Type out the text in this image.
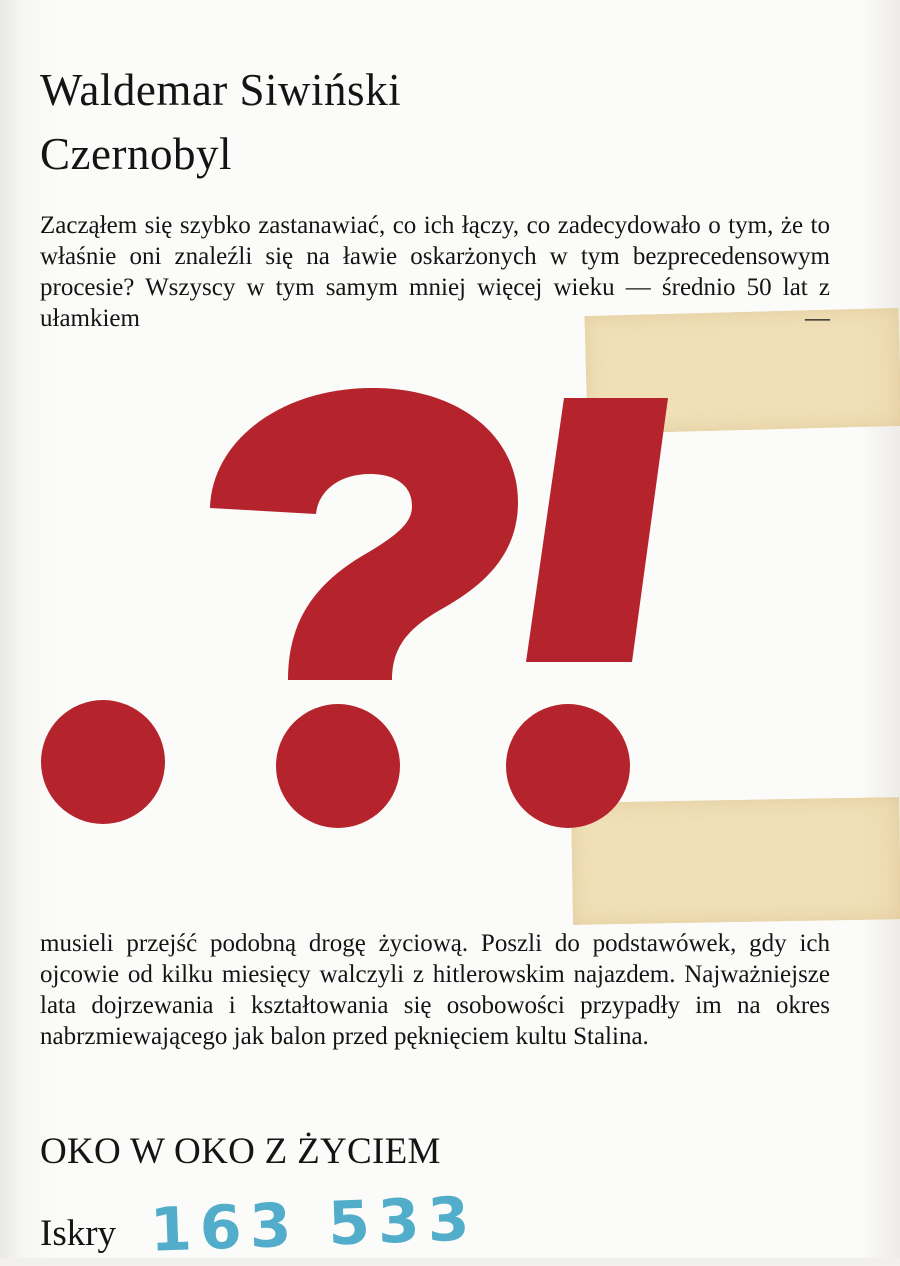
Waldemar Siwiński
Czernobyl

Zacząłem się szybko zastanawiać, co ich łączy, co zadecydowało o tym, że to właśnie oni znaleźli się na ławie oskarżonych w tym bezprecedensowym procesie? Wszyscy w tym samym mniej więcej wieku — średnio 50 lat z ułamkiem —

musieli przejść podobną drogę życiową. Poszli do podstawówek, gdy ich ojcowie od kilku miesięcy walczyli z hitlerowskim najazdem. Najważniejsze lata dojrzewania i kształtowania się osobowości przypadły im na okres nabrzmiewającego jak balon przed pęknięciem kultu Stalina.

OKO W OKO Z ŻYCIEM
Iskry 163 533
